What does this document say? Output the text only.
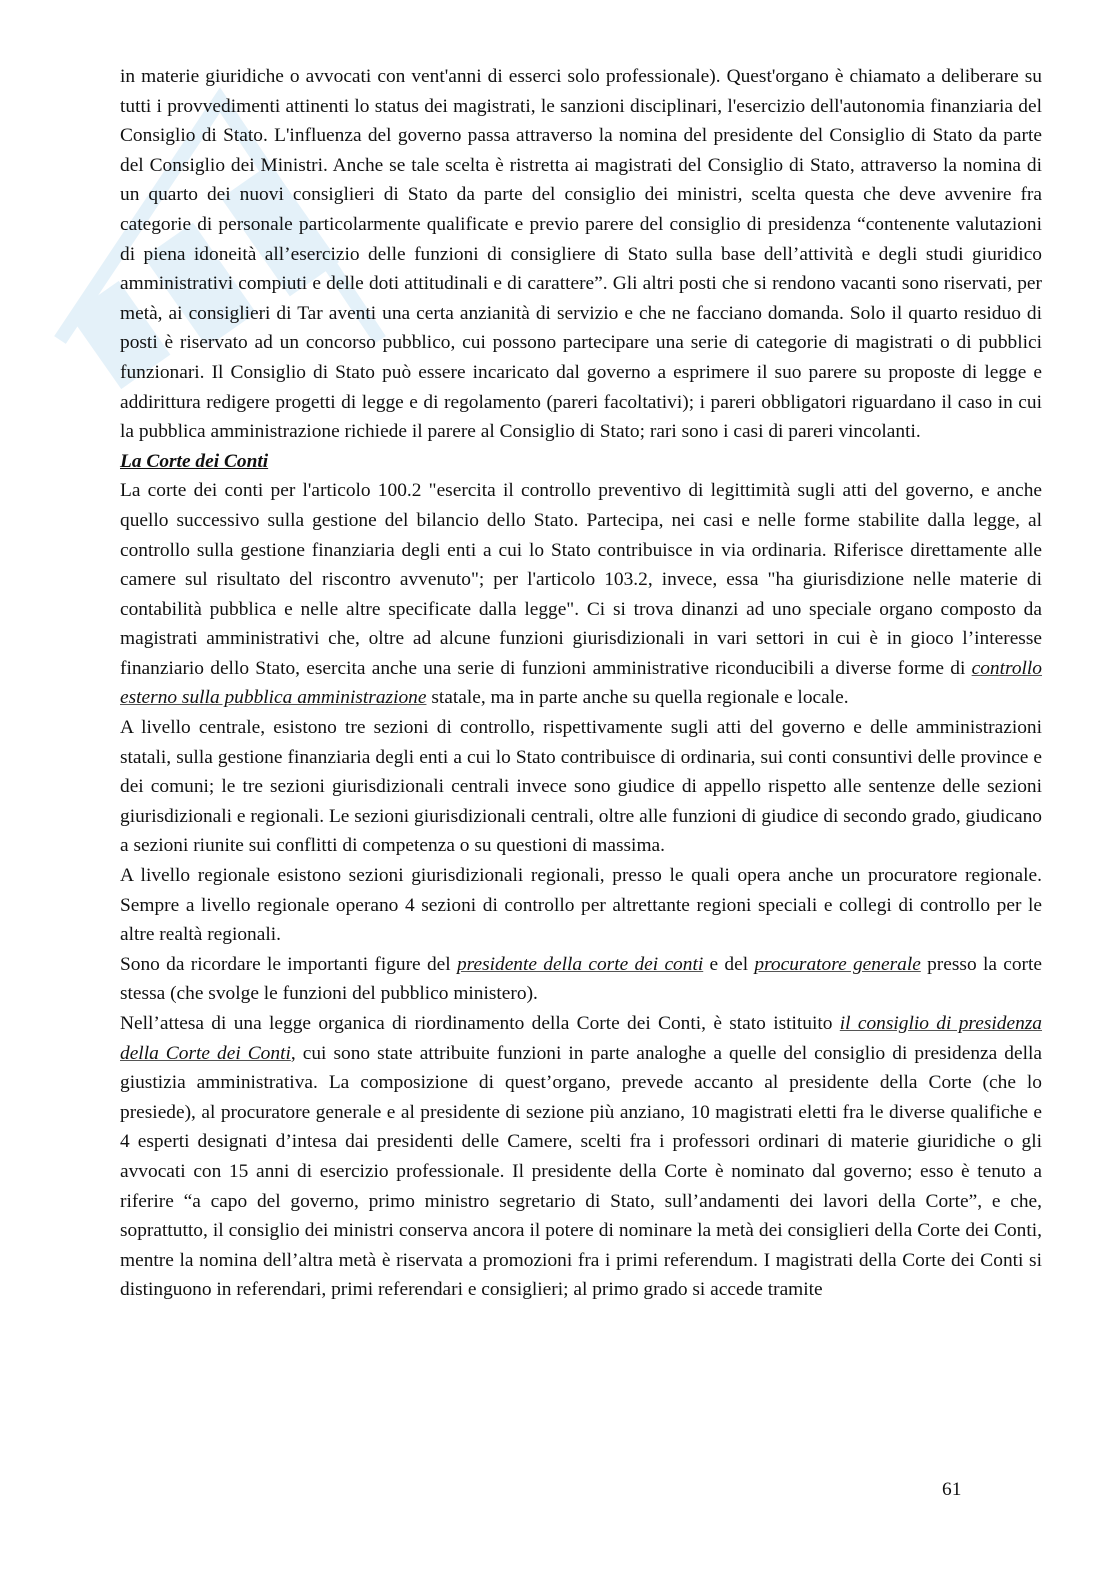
in materie giuridiche o avvocati con vent'anni di esserci solo professionale). Quest'organo è chiamato a deliberare su tutti i provvedimenti attinenti lo status dei magistrati, le sanzioni disciplinari, l'esercizio dell'autonomia finanziaria del Consiglio di Stato. L'influenza del governo passa attraverso la nomina del presidente del Consiglio di Stato da parte del Consiglio dei Ministri. Anche se tale scelta è ristretta ai magistrati del Consiglio di Stato, attraverso la nomina di un quarto dei nuovi consiglieri di Stato da parte del consiglio dei ministri, scelta questa che deve avvenire fra categorie di personale particolarmente qualificate e previo parere del consiglio di presidenza “contenente valutazioni di piena idoneità all’esercizio delle funzioni di consigliere di Stato sulla base dell’attività e degli studi giuridico amministrativi compiuti e delle doti attitudinali e di carattere”. Gli altri posti che si rendono vacanti sono riservati, per metà, ai consiglieri di Tar aventi una certa anzianità di servizio e che ne facciano domanda. Solo il quarto residuo di posti è riservato ad un concorso pubblico, cui possono partecipare una serie di categorie di magistrati o di pubblici funzionari. Il Consiglio di Stato può essere incaricato dal governo a esprimere il suo parere su proposte di legge e addirittura redigere progetti di legge e di regolamento (pareri facoltativi); i pareri obbligatori riguardano il caso in cui la pubblica amministrazione richiede il parere al Consiglio di Stato; rari sono i casi di pareri vincolanti.

La Corte dei Conti

La corte dei conti per l'articolo 100.2 "esercita il controllo preventivo di legittimità sugli atti del governo, e anche quello successivo sulla gestione del bilancio dello Stato. Partecipa, nei casi e nelle forme stabilite dalla legge, al controllo sulla gestione finanziaria degli enti a cui lo Stato contribuisce in via ordinaria. Riferisce direttamente alle camere sul risultato del riscontro avvenuto"; per l'articolo 103.2, invece, essa "ha giurisdizione nelle materie di contabilità pubblica e nelle altre specificate dalla legge". Ci si trova dinanzi ad uno speciale organo composto da magistrati amministrativi che, oltre ad alcune funzioni giurisdizionali in vari settori in cui è in gioco l’interesse finanziario dello Stato, esercita anche una serie di funzioni amministrative riconducibili a diverse forme di controllo esterno sulla pubblica amministrazione statale, ma in parte anche su quella regionale e locale.

A livello centrale, esistono tre sezioni di controllo, rispettivamente sugli atti del governo e delle amministrazioni statali, sulla gestione finanziaria degli enti a cui lo Stato contribuisce di ordinaria, sui conti consuntivi delle province e dei comuni; le tre sezioni giurisdizionali centrali invece sono giudice di appello rispetto alle sentenze delle sezioni giurisdizionali e regionali. Le sezioni giurisdizionali centrali, oltre alle funzioni di giudice di secondo grado, giudicano a sezioni riunite sui conflitti di competenza o su questioni di massima.

A livello regionale esistono sezioni giurisdizionali regionali, presso le quali opera anche un procuratore regionale. Sempre a livello regionale operano 4 sezioni di controllo per altrettante regioni speciali e collegi di controllo per le altre realtà regionali.

Sono da ricordare le importanti figure del presidente della corte dei conti e del procuratore generale presso la corte stessa (che svolge le funzioni del pubblico ministero).

Nell’attesa di una legge organica di riordinamento della Corte dei Conti, è stato istituito il consiglio di presidenza della Corte dei Conti, cui sono state attribuite funzioni in parte analoghe a quelle del consiglio di presidenza della giustizia amministrativa. La composizione di quest’organo, prevede accanto al presidente della Corte (che lo presiede), al procuratore generale e al presidente di sezione più anziano, 10 magistrati eletti fra le diverse qualifiche e 4 esperti designati d’intesa dai presidenti delle Camere, scelti fra i professori ordinari di materie giuridiche o gli avvocati con 15 anni di esercizio professionale. Il presidente della Corte è nominato dal governo; esso è tenuto a riferire “a capo del governo, primo ministro segretario di Stato, sull’andamenti dei lavori della Corte”, e che, soprattutto, il consiglio dei ministri conserva ancora il potere di nominare la metà dei consiglieri della Corte dei Conti, mentre la nomina dell’altra metà è riservata a promozioni fra i primi referendum. I magistrati della Corte dei Conti si distinguono in referendari, primi referendari e consiglieri; al primo grado si accede tramite

61
